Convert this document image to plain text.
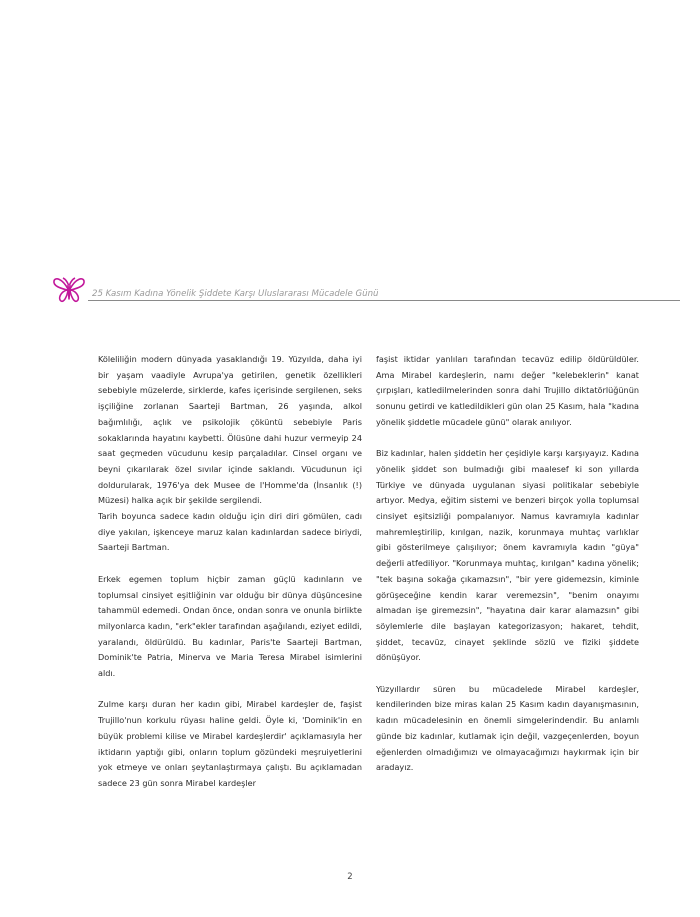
25 Kasım Kadına Yönelik Şiddete Karşı Uluslararası Mücadele Günü

Köleliliğin modern dünyada yasaklandığı 19. Yüzyılda, daha iyi bir yaşam vaadiyle Avrupa'ya getirilen, genetik özellikleri sebebiyle müzelerde, sirklerde, kafes içerisinde sergilenen, seks işçiliğine zorlanan Saarteji Bartman, 26 yaşında, alkol bağımlılığı, açlık ve psikolojik çöküntü sebebiyle Paris sokaklarında hayatını kaybetti. Ölüsüne dahi huzur vermeyip 24 saat geçmeden vücudunu kesip parçaladılar. Cinsel organı ve beyni çıkarılarak özel sıvılar içinde saklandı. Vücudunun içi doldurularak, 1976'ya dek Musee de l'Homme'da (İnsanlık (!) Müzesi) halka açık bir şekilde sergilendi.

Tarih boyunca sadece kadın olduğu için diri diri gömülen, cadı diye yakılan, işkenceye maruz kalan kadınlardan sadece biriydi, Saarteji Bartman.

Erkek egemen toplum hiçbir zaman güçlü kadınların ve toplumsal cinsiyet eşitliğinin var olduğu bir dünya düşüncesine tahammül edemedi. Ondan önce, ondan sonra ve onunla birlikte milyonlarca kadın, "erk"ekler tarafından aşağılandı, eziyet edildi, yaralandı, öldürüldü. Bu kadınlar, Paris'te Saarteji Bartman, Dominik'te Patria, Minerva ve Maria Teresa Mirabel isimlerini aldı.

Zulme karşı duran her kadın gibi, Mirabel kardeşler de, faşist Trujillo'nun korkulu rüyası haline geldi. Öyle ki, 'Dominik'in en büyük problemi kilise ve Mirabel kardeşlerdir' açıklamasıyla her iktidarın yaptığı gibi, onların toplum gözündeki meşruiyetlerini yok etmeye ve onları şeytanlaştırmaya çalıştı. Bu açıklamadan sadece 23 gün sonra Mirabel kardeşler

faşist iktidar yanlıları tarafından tecavüz edilip öldürüldüler. Ama Mirabel kardeşlerin, namı değer "kelebeklerin" kanat çırpışları, katledilmelerinden sonra dahi Trujillo diktatörlüğünün sonunu getirdi ve katledildikleri gün olan 25 Kasım, hala "kadına yönelik şiddetle mücadele günü" olarak anılıyor.

Biz kadınlar, halen şiddetin her çeşidiyle karşı karşıyayız. Kadına yönelik şiddet son bulmadığı gibi maalesef ki son yıllarda Türkiye ve dünyada uygulanan siyasi politikalar sebebiyle artıyor. Medya, eğitim sistemi ve benzeri birçok yolla toplumsal cinsiyet eşitsizliği pompalanıyor. Namus kavramıyla kadınlar mahremleştirilip, kırılgan, nazik, korunmaya muhtaç varlıklar gibi gösterilmeye çalışılıyor; önem kavramıyla kadın "güya" değerli atfediliyor. "Korunmaya muhtaç, kırılgan" kadına yönelik; "tek başına sokağa çıkamazsın", "bir yere gidemezsin, kiminle görüşeceğine kendin karar veremezsin", "benim onayımı almadan işe giremezsin", "hayatına dair karar alamazsın" gibi söylemlerle dile başlayan kategorizasyon; hakaret, tehdit, şiddet, tecavüz, cinayet şeklinde sözlü ve fiziki şiddete dönüşüyor.

Yüzyıllardır süren bu mücadelede Mirabel kardeşler, kendilerinden bize miras kalan 25 Kasım kadın dayanışmasının, kadın mücadelesinin en önemli simgelerindendir. Bu anlamlı günde biz kadınlar, kutlamak için değil, vazgeçenlerden, boyun eğenlerden olmadığımızı ve olmayacağımızı haykırmak için bir aradayız.

2
